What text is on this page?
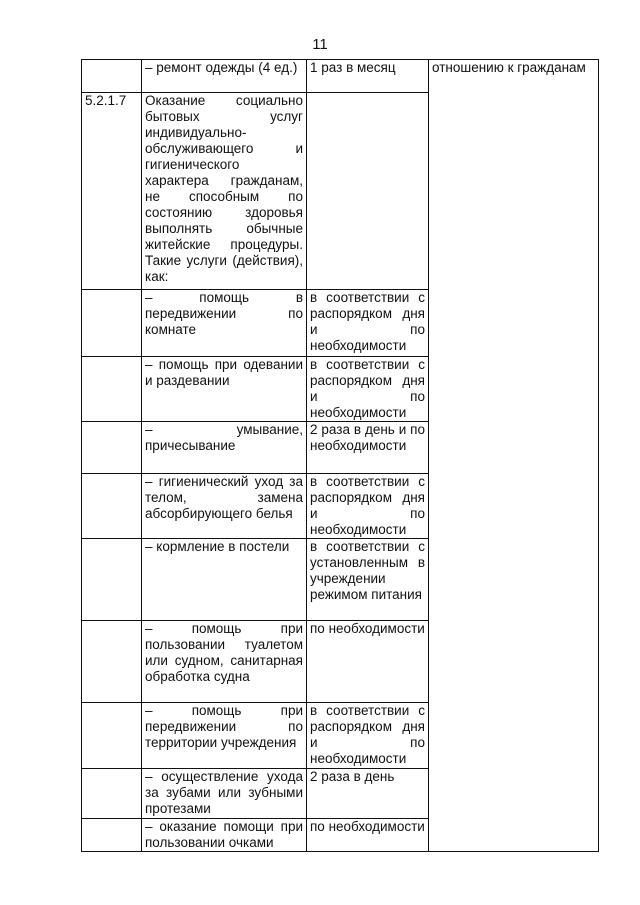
11
	– ремонт одежды (4 ед.)	1 раз в месяц	отношению к гражданам
5.2.1.7	Оказание социально бытовых услуг индивидуально-обслуживающего и гигиенического характера гражданам, не способным по состоянию здоровья выполнять обычные житейские процедуры. Такие услуги (действия), как:		
	– помощь в передвижении по комнате	в соответствии с распорядком дня и по необходимости	
	– помощь при одевании и раздевании	в соответствии с распорядком дня и по необходимости	
	– умывание, причесывание	2 раза в день и по необходимости	
	– гигиенический уход за телом, замена абсорбирующего белья	в соответствии с распорядком дня и по необходимости	
	– кормление в постели	в соответствии с установленным в учреждении режимом питания	
	– помощь при пользовании туалетом или судном, санитарная обработка судна	по необходимости	
	– помощь при передвижении по территории учреждения	в соответствии с распорядком дня и по необходимости	
	– осуществление ухода за зубами или зубными протезами	2 раза в день	
	– оказание помощи при пользовании очками	по необходимости	
